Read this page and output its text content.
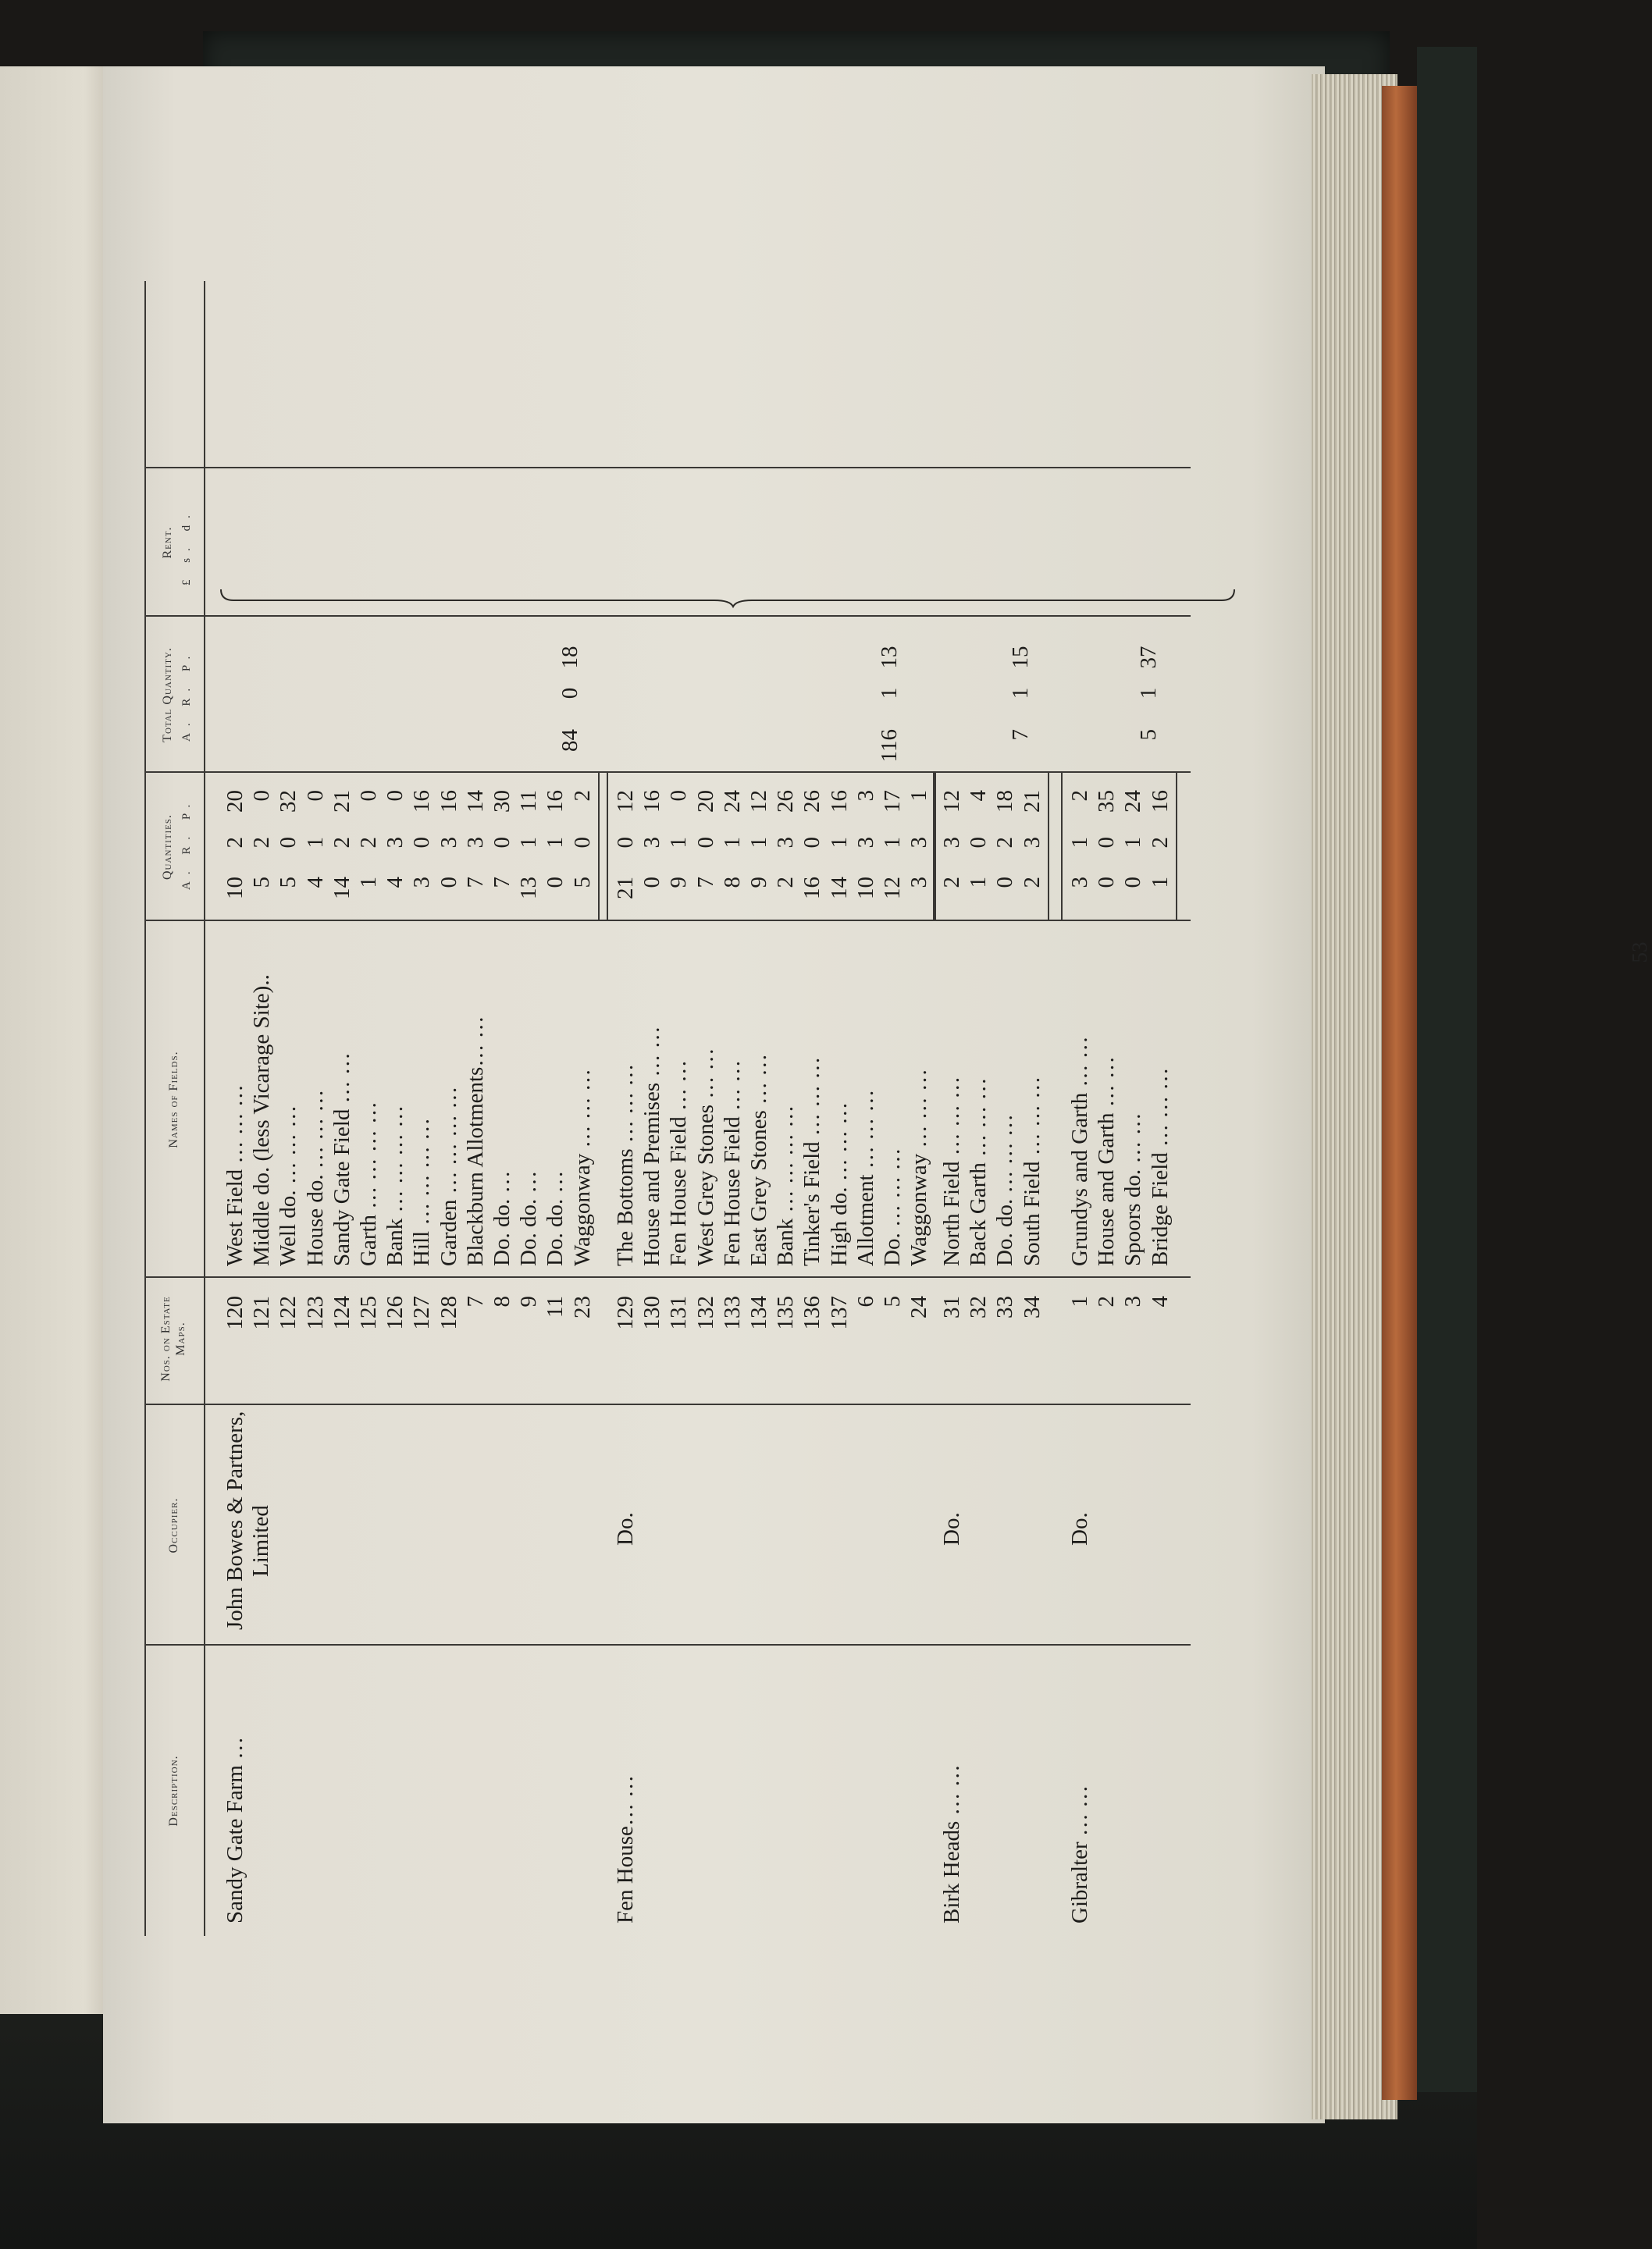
53
Description.
Occupier.
Nos. on Estate Maps.
Names of Fields.
Quantities. A. R. P.
Total Quantity. A. R. P.
Rent. £ s. d.
Sandy Gate Farm …
John Bowes & Partners, Limited
84 0 18
Fen House… …
Do.
116 1 13
Birk Heads … …
Do.
7 1 15
Gibralter … …
Do.
5 1 37
120
West Field … … …
10
2
20
121
Middle do. (less Vicarage Site)..
5
2
0
122
Well do. … … …
5
0
32
123
House do. … … …
4
1
0
124
Sandy Gate Field … …
14
2
21
125
Garth … … … …
1
2
0
126
Bank … … … …
4
3
0
127
Hill … … … …
3
0
16
128
Garden … … … …
0
3
16
7
Blackburn Allotments… …
7
3
14
8
Do. do. …
7
0
30
9
Do. do. …
13
1
11
11
Do. do. …
0
1
16
23
Waggonway … … …
5
0
2
129
The Bottoms … … …
21
0
12
130
House and Premises … …
0
3
16
131
Fen House Field … …
9
1
0
132
West Grey Stones … …
7
0
20
133
Fen House Field … …
8
1
24
134
East Grey Stones … …
9
1
12
135
Bank … … … …
2
3
26
136
Tinker's Field … … …
16
0
26
137
High do. … … …
14
1
16
6
Allotment … … …
10
3
3
5
Do. … … …
12
1
17
24
Waggonway … … …
3
3
1
31
North Field … … …
2
3
12
32
Back Garth … … …
1
0
4
33
Do. do. … … …
0
2
18
34
South Field … … …
2
3
21
1
Grundys and Garth … …
3
1
2
2
House and Garth … …
0
0
35
3
Spoors do. … …
0
1
24
4
Bridge Field … … …
1
2
16
